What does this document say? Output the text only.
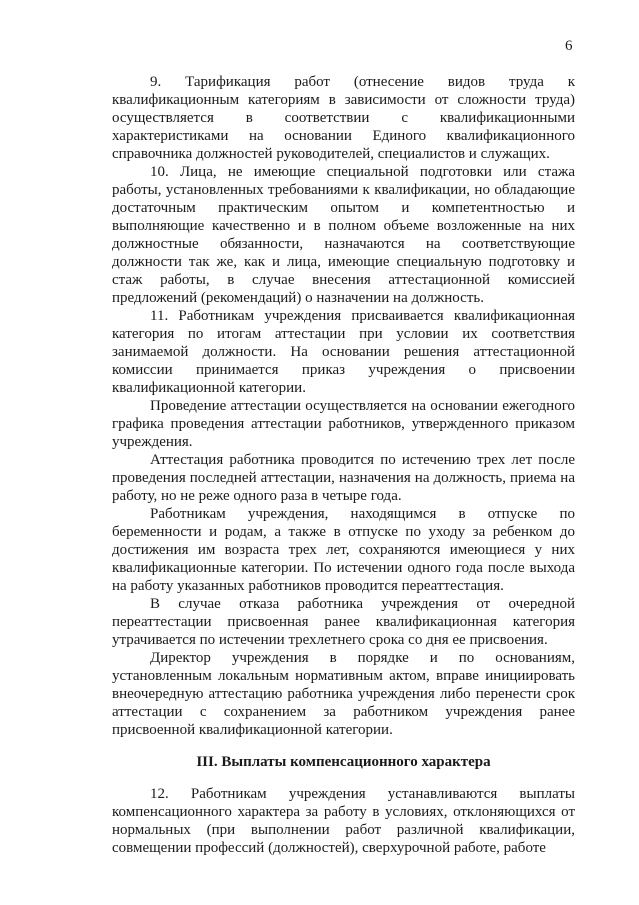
6

9. Тарификация работ (отнесение видов труда к квалификационным категориям в зависимости от сложности труда) осуществляется в соответствии с квалификационными характеристиками на основании Единого квалификационного справочника должностей руководителей, специалистов и служащих.

10. Лица, не имеющие специальной подготовки или стажа работы, установленных требованиями к квалификации, но обладающие достаточным практическим опытом и компетентностью и выполняющие качественно и в полном объеме возложенные на них должностные обязанности, назначаются на соответствующие должности так же, как и лица, имеющие специальную подготовку и стаж работы, в случае внесения аттестационной комиссией предложений (рекомендаций) о назначении на должность.

11. Работникам учреждения присваивается квалификационная категория по итогам аттестации при условии их соответствия занимаемой должности. На основании решения аттестационной комиссии принимается приказ учреждения о присвоении квалификационной категории.

Проведение аттестации осуществляется на основании ежегодного графика проведения аттестации работников, утвержденного приказом учреждения.

Аттестация работника проводится по истечению трех лет после проведения последней аттестации, назначения на должность, приема на работу, но не реже одного раза в четыре года.

Работникам учреждения, находящимся в отпуске по беременности и родам, а также в отпуске по уходу за ребенком до достижения им возраста трех лет, сохраняются имеющиеся у них квалификационные категории. По истечении одного года после выхода на работу указанных работников проводится переаттестация.

В случае отказа работника учреждения от очередной переаттестации присвоенная ранее квалификационная категория утрачивается по истечении трехлетнего срока со дня ее присвоения.

Директор учреждения в порядке и по основаниям, установленным локальным нормативным актом, вправе инициировать внеочередную аттестацию работника учреждения либо перенести срок аттестации с сохранением за работником учреждения ранее присвоенной квалификационной категории.

III. Выплаты компенсационного характера

12. Работникам учреждения устанавливаются выплаты компенсационного характера за работу в условиях, отклоняющихся от нормальных (при выполнении работ различной квалификации, совмещении профессий (должностей), сверхурочной работе, работе
